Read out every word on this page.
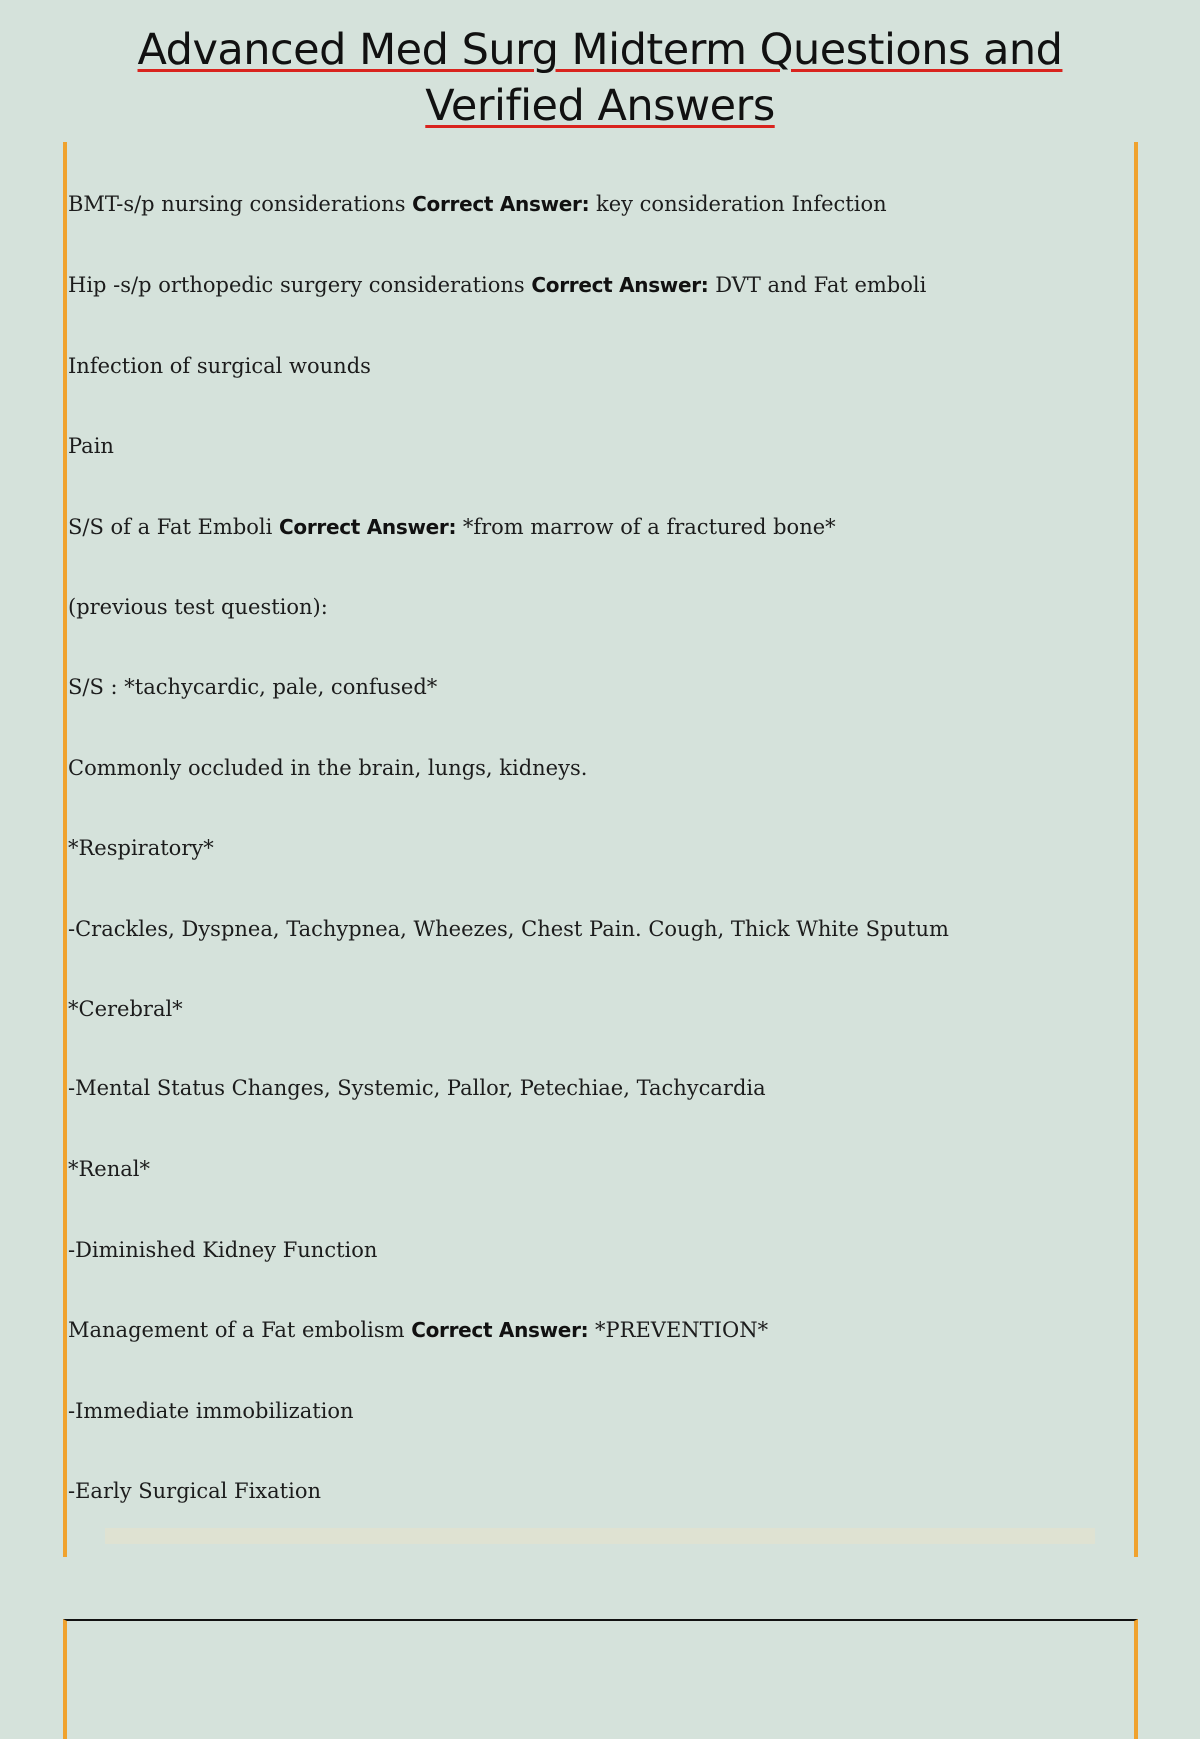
Advanced Med Surg Midterm Questions and
Verified Answers
BMT-s/p nursing considerations Correct Answer: key consideration Infection
Hip -s/p orthopedic surgery considerations Correct Answer: DVT and Fat emboli
Infection of surgical wounds
Pain
S/S of a Fat Emboli Correct Answer: *from marrow of a fractured bone*
(previous test question):
S/S : *tachycardic, pale, confused*
Commonly occluded in the brain, lungs, kidneys.
*Respiratory*
-Crackles, Dyspnea, Tachypnea, Wheezes, Chest Pain. Cough, Thick White Sputum
*Cerebral*
-Mental Status Changes, Systemic, Pallor, Petechiae, Tachycardia
*Renal*
-Diminished Kidney Function
Management of a Fat embolism Correct Answer: *PREVENTION*
-Immediate immobilization
-Early Surgical Fixation
